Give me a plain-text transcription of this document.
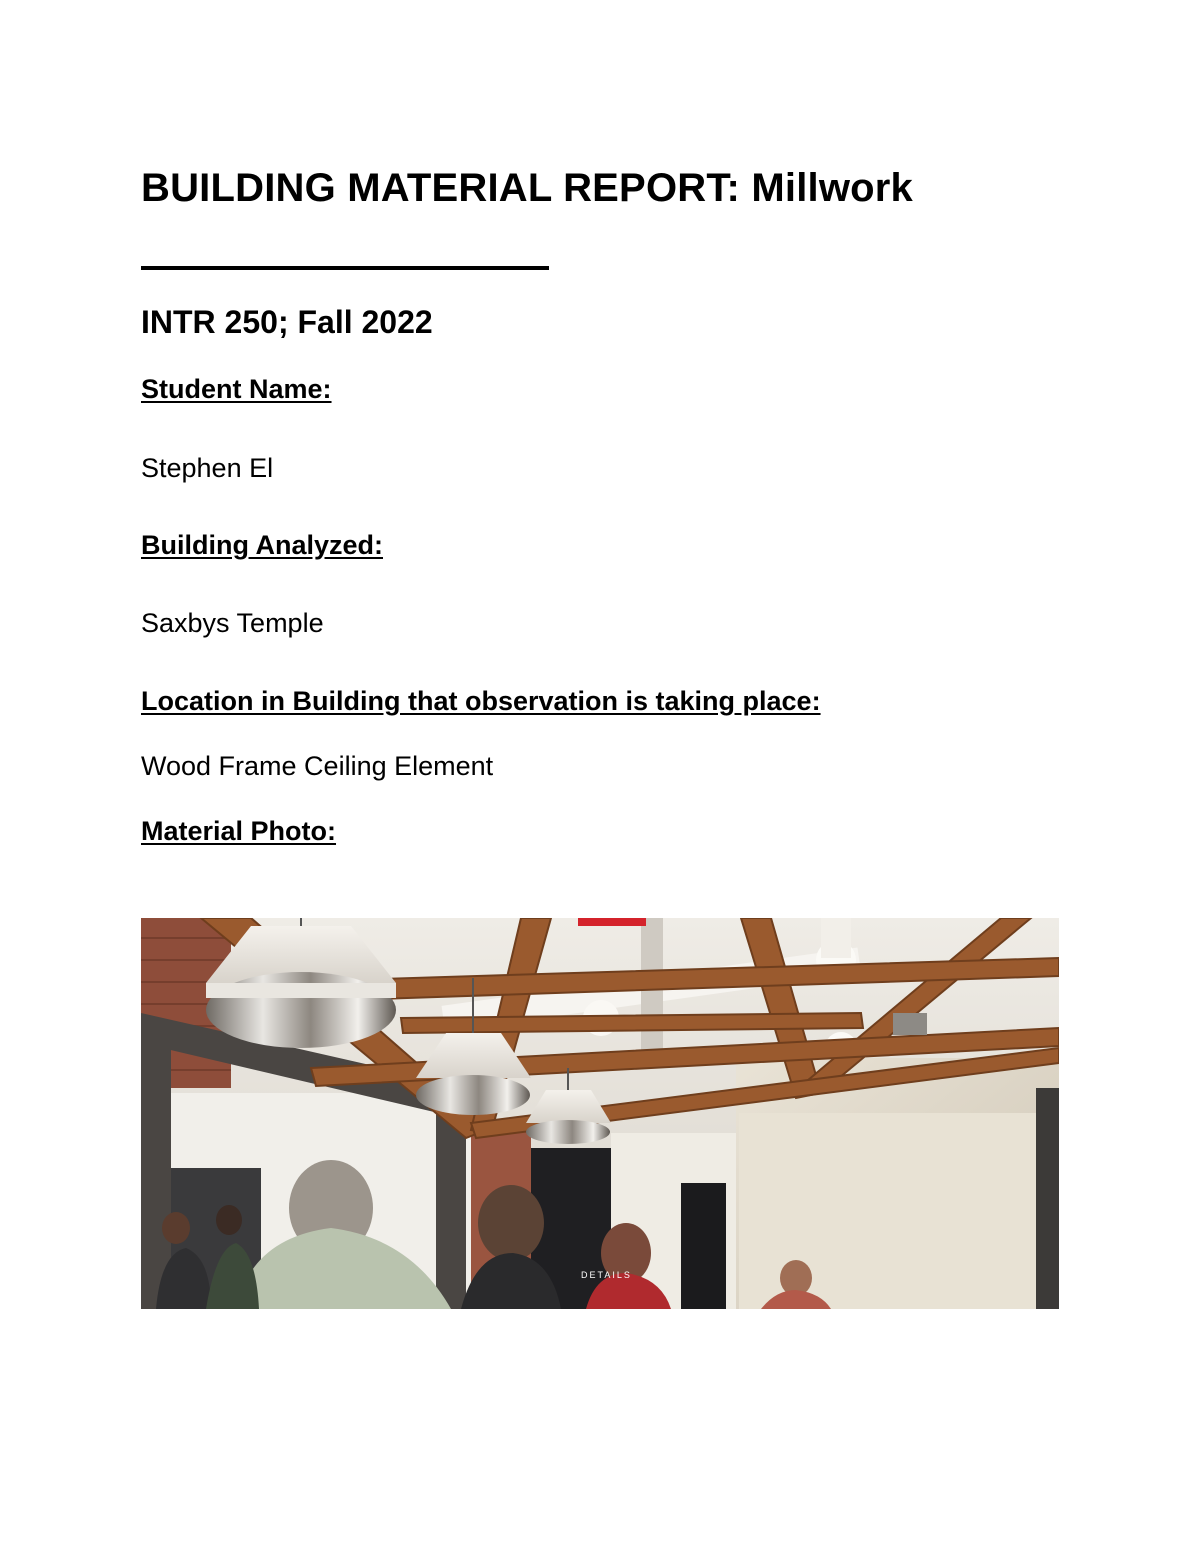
BUILDING MATERIAL REPORT: Millwork
INTR 250; Fall 2022
Student Name:
Stephen El
Building Analyzed:
Saxbys Temple
Location in Building that observation is taking place:
Wood Frame Ceiling Element
Material Photo:
DETAILS
